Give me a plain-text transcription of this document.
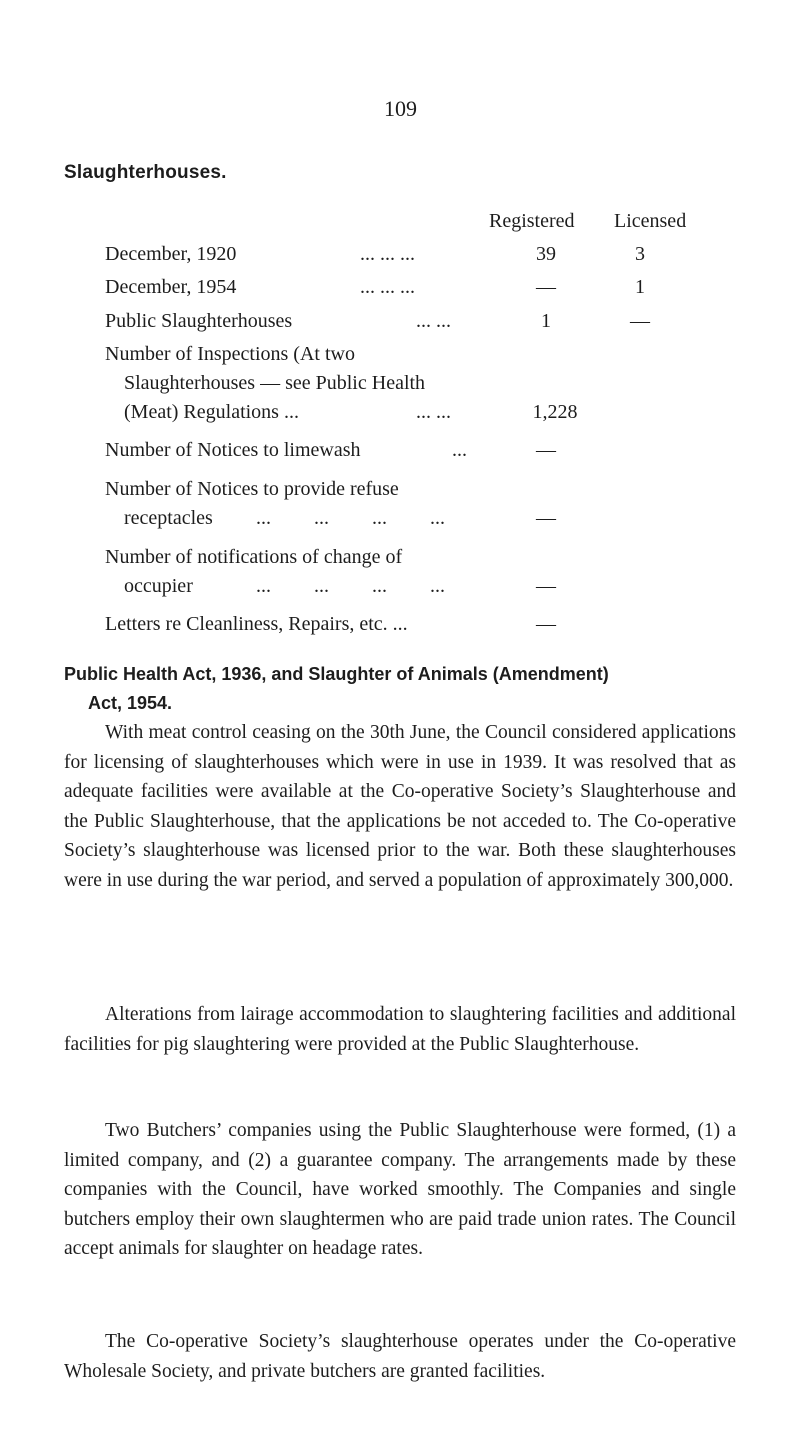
109
Slaughterhouses.
Registered Licensed
December, 1920	... ... ...	39	3
December, 1954	... ... ...	—	1
Public Slaughterhouses	... ...	1	—
Number of Inspections (At two
Slaughterhouses — see Public Health
(Meat) Regulations ...	... ...	1,228
Number of Notices to limewash	...	—
Number of Notices to provide refuse
receptacles ... ... ... ...	—
Number of notifications of change of
occupier	... ... ... ...	—
Letters re Cleanliness, Repairs, etc. ...	—
Public Health Act, 1936, and Slaughter of Animals (Amendment)
Act, 1954.

With meat control ceasing on the 30th June, the Council considered applications for licensing of slaughterhouses which were in use in 1939. It was resolved that as adequate facilities were available at the Co-operative Society’s Slaughterhouse and the Public Slaughterhouse, that the applications be not acceded to. The Co-operative Society’s slaughterhouse was licensed prior to the war. Both these slaughterhouses were in use during the war period, and served a population of approximately 300,000.

Alterations from lairage accommodation to slaughtering facilities and additional facilities for pig slaughtering were provided at the Public Slaughterhouse.

Two Butchers’ companies using the Public Slaughterhouse were formed, (1) a limited company, and (2) a guarantee company. The arrangements made by these companies with the Council, have worked smoothly. The Companies and single butchers employ their own slaughtermen who are paid trade union rates. The Council accept animals for slaughter on headage rates.

The Co-operative Society’s slaughterhouse operates under the Co-operative Wholesale Society, and private butchers are granted facilities.
